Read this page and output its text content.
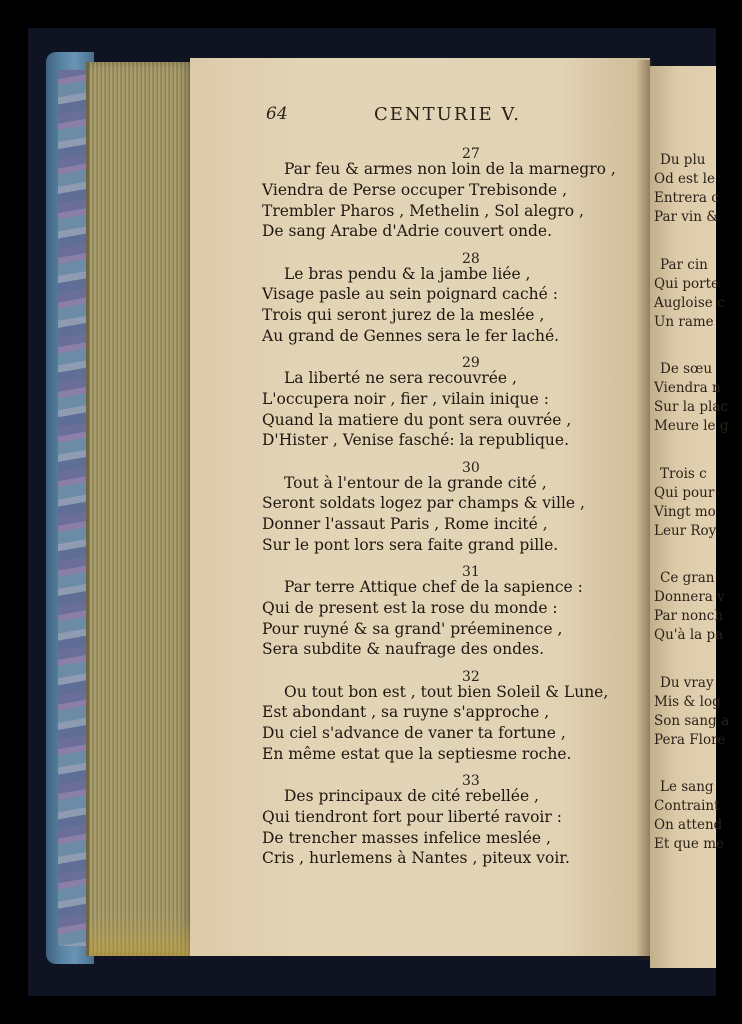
Du plu
Od est le
Entrera c
Par vin &
Par cin
Qui porte
Augloise c
Un rame
De sœu
Viendra n
Sur la plac
Meure le g
Trois c
Qui pour
Vingt mo
Leur Roy
Ce gran
Donnera v
Par nonch
Qu'à la pa
Du vray
Mis & log
Son sang a
Pera Flore
Le sang
Contraint
On attend
Et que me
64	CENTURIE V.
27
Par feu & armes non loin de la marnegro ,
Viendra de Perse occuper Trebisonde ,
Trembler Pharos , Methelin , Sol alegro ,
De sang Arabe d'Adrie couvert onde.
28
Le bras pendu & la jambe liée ,
Visage pasle au sein poignard caché :
Trois qui seront jurez de la meslée ,
Au grand de Gennes sera le fer laché.
29
La liberté ne sera recouvrée ,
L'occupera noir , fier , vilain inique :
Quand la matiere du pont sera ouvrée ,
D'Hister , Venise fasché: la republique.
30
Tout à l'entour de la grande cité ,
Seront soldats logez par champs & ville ,
Donner l'assaut Paris , Rome incité ,
Sur le pont lors sera faite grand pille.
31
Par terre Attique chef de la sapience :
Qui de present est la rose du monde :
Pour ruyné & sa grand' préeminence ,
Sera subdite & naufrage des ondes.
32
Ou tout bon est , tout bien Soleil & Lune,
Est abondant , sa ruyne s'approche ,
Du ciel s'advance de vaner ta fortune ,
En même estat que la septiesme roche.
33
Des principaux de cité rebellée ,
Qui tiendront fort pour liberté ravoir :
De trencher masses infelice meslée ,
Cris , hurlemens à Nantes , piteux voir.
